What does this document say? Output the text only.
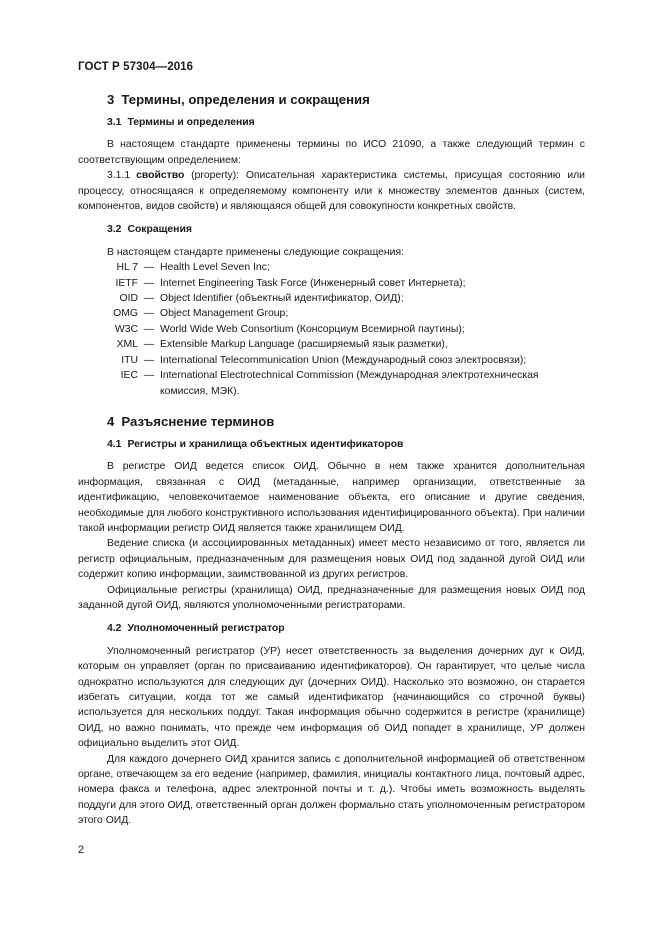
ГОСТ Р 57304—2016
3 Термины, определения и сокращения
3.1 Термины и определения

В настоящем стандарте применены термины по ИСО 21090, а также следующий термин с соответствующим определением:

3.1.1 свойство (property): Описательная характеристика системы, присущая состоянию или процессу, относящаяся к определяемому компоненту или к множеству элементов данных (систем, компонентов, видов свойств) и являющаяся общей для совокупности конкретных свойств.

3.2 Сокращения

В настоящем стандарте применены следующие сокращения:

HL 7 — Health Level Seven Inc;
IETF — Internet Engineering Task Force (Инженерный совет Интернета);
OID — Object Identifier (объектный идентификатор, ОИД);
OMG — Object Management Group;
W3C — World Wide Web Consortium (Консорциум Всемирной паутины);
XML — Extensible Markup Language (расширяемый язык разметки),
ITU — International Telecommunication Union (Международный союз электросвязи);
IEC — International Electrotechnical Commission (Международная электротехническая комиссия, МЭК).
4 Разъяснение терминов
4.1 Регистры и хранилища объектных идентификаторов

В регистре ОИД ведется список ОИД. Обычно в нем также хранится дополнительная информация, связанная с ОИД (метаданные, например организации, ответственные за идентификацию, человекочитаемое наименование объекта, его описание и другие сведения, необходимые для любого конструктивного использования идентифицированного объекта). При наличии такой информации регистр ОИД является также хранилищем ОИД.

Ведение списка (и ассоциированных метаданных) имеет место независимо от того, является ли регистр официальным, предназначенным для размещения новых ОИД под заданной дугой ОИД или содержит копию информации, заимствованной из других регистров.

Официальные регистры (хранилища) ОИД, предназначенные для размещения новых ОИД под заданной дугой ОИД, являются уполномоченными регистраторами.

4.2 Уполномоченный регистратор

Уполномоченный регистратор (УР) несет ответственность за выделения дочерних дуг к ОИД, которым он управляет (орган по присваиванию идентификаторов). Он гарантирует, что целые числа однократно используются для следующих дуг (дочерних ОИД). Насколько это возможно, он старается избегать ситуации, когда тот же самый идентификатор (начинающийся со строчной буквы) используется для нескольких поддуг. Такая информация обычно содержится в регистре (хранилище) ОИД, но важно понимать, что прежде чем информация об ОИД попадет в хранилище, УР должен официально выделить этот ОИД.

Для каждого дочернего ОИД хранится запись с дополнительной информацией об ответственном органе, отвечающем за его ведение (например, фамилия, инициалы контактного лица, почтовый адрес, номера факса и телефона, адрес электронной почты и т. д.). Чтобы иметь возможность выделять поддуги для этого ОИД, ответственный орган должен формально стать уполномоченным регистратором этого ОИД.

2
